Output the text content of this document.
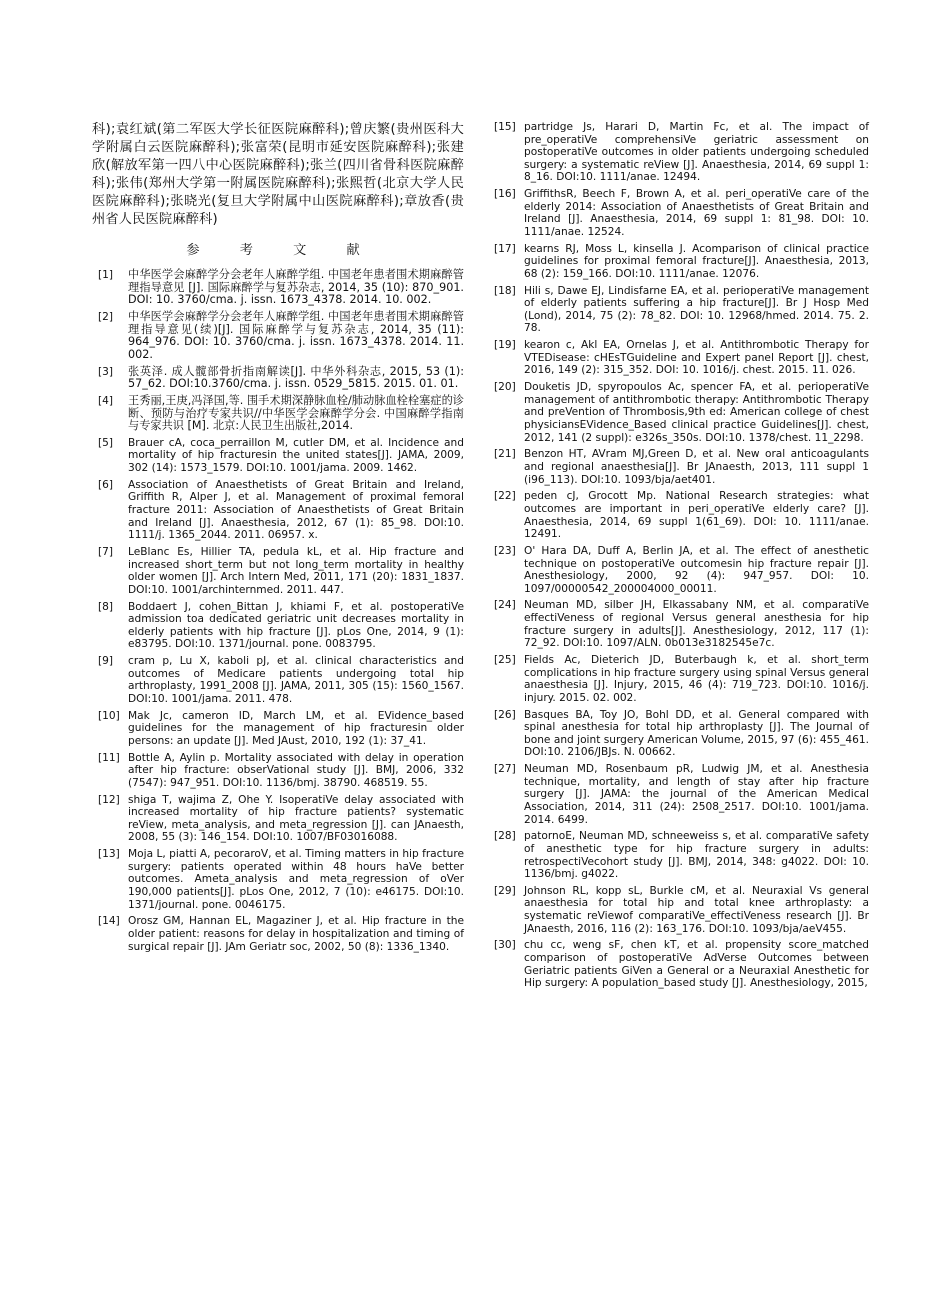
科);袁红斌(第二军医大学长征医院麻醉科);曾庆繁(贵州医科大学附属白云医院麻醉科);张富荣(昆明市延安医院麻醉科);张建欣(解放军第一四八中心医院麻醉科);张兰(四川省骨科医院麻醉科);张伟(郑州大学第一附属医院麻醉科);张熙哲(北京大学人民医院麻醉科);张晓光(复旦大学附属中山医院麻醉科);章放香(贵州省人民医院麻醉科)

参 考 文 献
[1] 中华医学会麻醉学分会老年人麻醉学组. 中国老年患者围术期麻醉管理指导意见 [J]. 国际麻醉学与复苏杂志, 2014, 35 (10): 870_901. DOI: 10. 3760/cma. j. issn. 1673_4378. 2014. 10. 002.
[2] 中华医学会麻醉学分会老年人麻醉学组. 中国老年患者围术期麻醉管理指导意见(续)[J]. 国际麻醉学与复苏杂志, 2014, 35 (11): 964_976. DOI: 10. 3760/cma. j. issn. 1673_4378. 2014. 11. 002.
[3] 张英泽. 成人髋部骨折指南解读[J]. 中华外科杂志, 2015, 53 (1): 57_62. DOI:10.3760/cma. j. issn. 0529_5815. 2015. 01. 01.
[4] 王秀丽,王庚,冯泽国,等. 围手术期深静脉血栓/肺动脉血栓栓塞症的诊断、预防与治疗专家共识//中华医学会麻醉学分会. 中国麻醉学指南与专家共识 [M]. 北京:人民卫生出版社,2014.
[5] Brauer cA, coca_perraillon M, cutler DM, et al. Incidence and mortality of hip fracturesin the united states[J]. JAMA, 2009, 302 (14): 1573_1579. DOI:10. 1001/jama. 2009. 1462.
[6] Association of Anaesthetists of Great Britain and Ireland, Griffith R, Alper J, et al. Management of proximal femoral fracture 2011: Association of Anaesthetists of Great Britain and Ireland [J]. Anaesthesia, 2012, 67 (1): 85_98. DOI:10. 1111/j. 1365_2044. 2011. 06957. x.
[7] LeBlanc Es, Hillier TA, pedula kL, et al. Hip fracture and increased short_term but not long_term mortality in healthy older women [J]. Arch Intern Med, 2011, 171 (20): 1831_1837. DOI:10. 1001/archinternmed. 2011. 447.
[8] Boddaert J, cohen_Bittan J, khiami F, et al. postoperatiVe admission toa dedicated geriatric unit decreases mortality in elderly patients with hip fracture [J]. pLos One, 2014, 9 (1): e83795. DOI:10. 1371/journal. pone. 0083795.
[9] cram p, Lu X, kaboli pJ, et al. clinical characteristics and outcomes of Medicare patients undergoing total hip arthroplasty, 1991_2008 [J]. JAMA, 2011, 305 (15): 1560_1567. DOI:10. 1001/jama. 2011. 478.
[10] Mak Jc, cameron ID, March LM, et al. EVidence_based guidelines for the management of hip fracturesin older persons: an update [J]. Med JAust, 2010, 192 (1): 37_41.
[11] Bottle A, Aylin p. Mortality associated with delay in operation after hip fracture: obserVational study [J]. BMJ, 2006, 332 (7547): 947_951. DOI:10. 1136/bmj. 38790. 468519. 55.
[12] shiga T, wajima Z, Ohe Y. IsoperatiVe delay associated with increased mortality of hip fracture patients? systematic reView, meta_analysis, and meta_regression [J]. can JAnaesth, 2008, 55 (3): 146_154. DOI:10. 1007/BF03016088.
[13] Moja L, piatti A, pecoraroV, et al. Timing matters in hip fracture surgery: patients operated within 48 hours haVe better outcomes. Ameta_analysis and meta_regression of oVer 190,000 patients[J]. pLos One, 2012, 7 (10): e46175. DOI:10. 1371/journal. pone. 0046175.
[14] Orosz GM, Hannan EL, Magaziner J, et al. Hip fracture in the older patient: reasons for delay in hospitalization and timing of surgical repair [J]. JAm Geriatr soc, 2002, 50 (8): 1336_1340.
[15] partridge Js, Harari D, Martin Fc, et al. The impact of pre_operatiVe comprehensiVe geriatric assessment on postoperatiVe outcomes in older patients undergoing scheduled surgery: a systematic reView [J]. Anaesthesia, 2014, 69 suppl 1: 8_16. DOI:10. 1111/anae. 12494.
[16] GriffithsR, Beech F, Brown A, et al. peri_operatiVe care of the elderly 2014: Association of Anaesthetists of Great Britain and Ireland [J]. Anaesthesia, 2014, 69 suppl 1: 81_98. DOI: 10. 1111/anae. 12524.
[17] kearns RJ, Moss L, kinsella J. Acomparison of clinical practice guidelines for proximal femoral fracture[J]. Anaesthesia, 2013, 68 (2): 159_166. DOI:10. 1111/anae. 12076.
[18] Hili s, Dawe EJ, Lindisfarne EA, et al. perioperatiVe management of elderly patients suffering a hip fracture[J]. Br J Hosp Med (Lond), 2014, 75 (2): 78_82. DOI: 10. 12968/hmed. 2014. 75. 2. 78.
[19] kearon c, Akl EA, Ornelas J, et al. Antithrombotic Therapy for VTEDisease: cHEsTGuideline and Expert panel Report [J]. chest, 2016, 149 (2): 315_352. DOI: 10. 1016/j. chest. 2015. 11. 026.
[20] Douketis JD, spyropoulos Ac, spencer FA, et al. perioperatiVe management of antithrombotic therapy: Antithrombotic Therapy and preVention of Thrombosis,9th ed: American college of chest physiciansEVidence_Based clinical practice Guidelines[J]. chest, 2012, 141 (2 suppl): e326s_350s. DOI:10. 1378/chest. 11_2298.
[21] Benzon HT, AVram MJ,Green D, et al. New oral anticoagulants and regional anaesthesia[J]. Br JAnaesth, 2013, 111 suppl 1 (i96_113). DOI:10. 1093/bja/aet401.
[22] peden cJ, Grocott Mp. National Research strategies: what outcomes are important in peri_operatiVe elderly care? [J]. Anaesthesia, 2014, 69 suppl 1(61_69). DOI: 10. 1111/anae. 12491.
[23] O' Hara DA, Duff A, Berlin JA, et al. The effect of anesthetic technique on postoperatiVe outcomesin hip fracture repair [J]. Anesthesiology, 2000, 92 (4): 947_957. DOI: 10. 1097/00000542_200004000_00011.
[24] Neuman MD, silber JH, Elkassabany NM, et al. comparatiVe effectiVeness of regional Versus general anesthesia for hip fracture surgery in adults[J]. Anesthesiology, 2012, 117 (1): 72_92. DOI:10. 1097/ALN. 0b013e3182545e7c.
[25] Fields Ac, Dieterich JD, Buterbaugh k, et al. short_term complications in hip fracture surgery using spinal Versus general anaesthesia [J]. Injury, 2015, 46 (4): 719_723. DOI:10. 1016/j. injury. 2015. 02. 002.
[26] Basques BA, Toy JO, Bohl DD, et al. General compared with spinal anesthesia for total hip arthroplasty [J]. The Journal of bone and joint surgery American Volume, 2015, 97 (6): 455_461. DOI:10. 2106/JBJs. N. 00662.
[27] Neuman MD, Rosenbaum pR, Ludwig JM, et al. Anesthesia technique, mortality, and length of stay after hip fracture surgery [J]. JAMA: the journal of the American Medical Association, 2014, 311 (24): 2508_2517. DOI:10. 1001/jama. 2014. 6499.
[28] patornoE, Neuman MD, schneeweiss s, et al. comparatiVe safety of anesthetic type for hip fracture surgery in adults: retrospectiVecohort study [J]. BMJ, 2014, 348: g4022. DOI: 10. 1136/bmj. g4022.
[29] Johnson RL, kopp sL, Burkle cM, et al. Neuraxial Vs general anaesthesia for total hip and total knee arthroplasty: a systematic reViewof comparatiVe_effectiVeness research [J]. Br JAnaesth, 2016, 116 (2): 163_176. DOI:10. 1093/bja/aeV455.
[30] chu cc, weng sF, chen kT, et al. propensity score_matched comparison of postoperatiVe AdVerse Outcomes between Geriatric patients GiVen a General or a Neuraxial Anesthetic for Hip surgery: A population_based study [J]. Anesthesiology, 2015,
